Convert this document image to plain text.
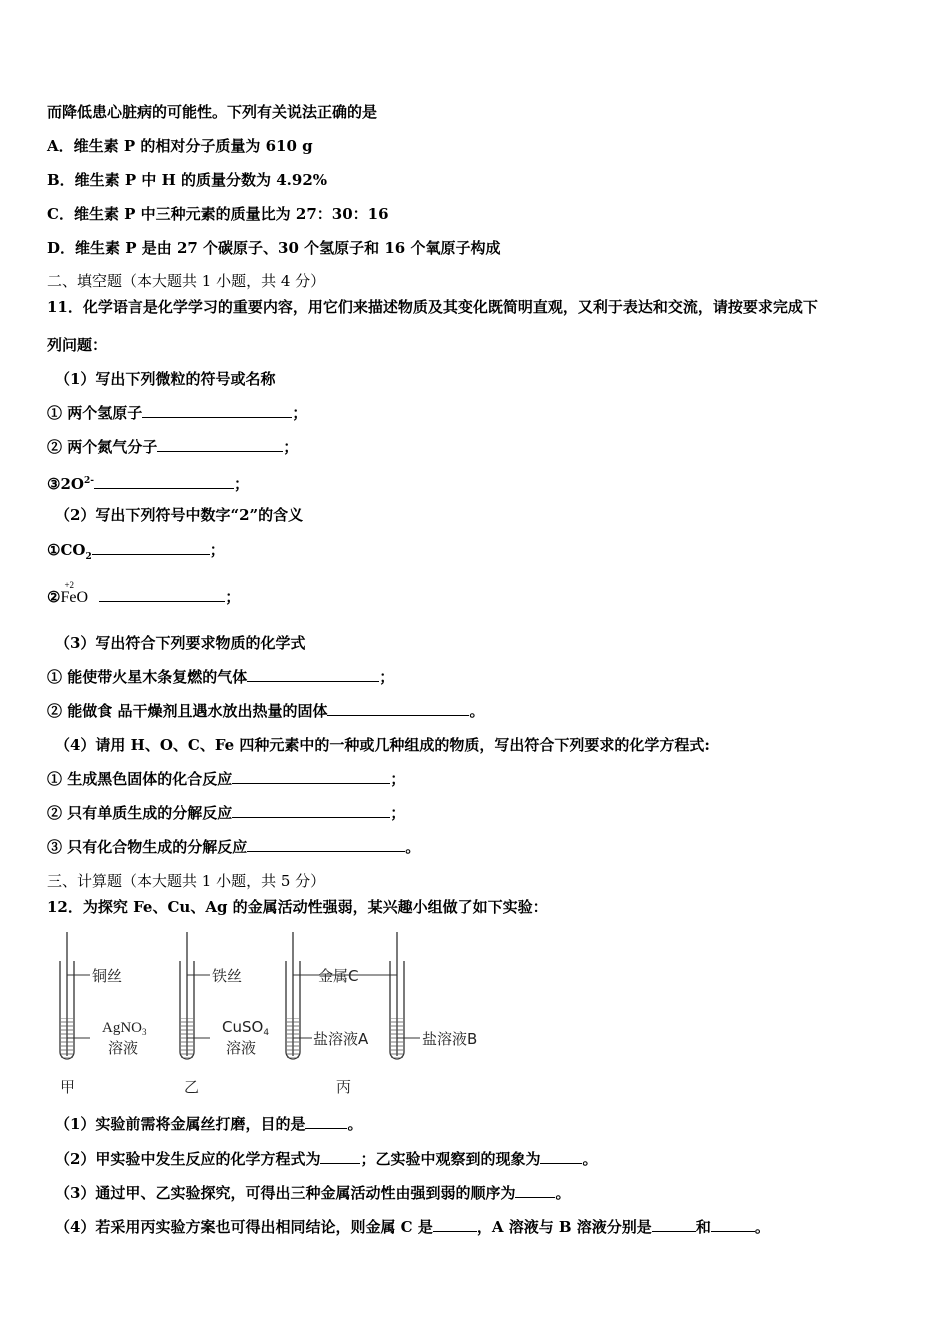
而降低患心脏病的可能性。下列有关说法正确的是
A．维生素 P 的相对分子质量为 610 g
B．维生素 P 中 H 的质量分数为 4.92%
C．维生素 P 中三种元素的质量比为 27：30：16
D．维生素 P 是由 27 个碳原子、30 个氢原子和 16 个氧原子构成
二、填空题（本大题共 1 小题，共 4 分）
11．化学语言是化学学习的重要内容，用它们来描述物质及其变化既简明直观，又利于表达和交流，请按要求完成下
列问题：
（1）写出下列微粒的符号或名称
① 两个氢原子	；
② 两个氮气分子	；
$③2O^{2-}$	；
（2）写出下列符号中数字“2”的含义
$①CO_2$	；
②
+2
FeO	；
（3）写出符合下列要求物质的化学式
① 能使带火星木条复燃的气体	；
② 能做食 品干燥剂且遇水放出热量的固体	。
（4）请用 H、O、C、Fe 四种元素中的一种或几种组成的物质，写出符合下列要求的化学方程式:
① 生成黑色固体的化合反应	；
② 只有单质生成的分解反应	；
③ 只有化合物生成的分解反应	。
三、计算题（本大题共 1 小题，共 5 分）
12．为探究 Fe、Cu、Ag 的金属活动性强弱，某兴趣小组做了如下实验：
铜丝
AgNO$_3$
溶液
甲
铁丝
CuSO$_4$
溶液
乙
金属C
盐溶液A
丙
盐溶液B
（1）实验前需将金属丝打磨，目的是	。
（2）甲实验中发生反应的化学方程式为	；乙实验中观察到的现象为	。
（3）通过甲、乙实验探究，可得出三种金属活动性由强到弱的顺序为	。
（4）若采用丙实验方案也可得出相同结论，则金属 C 是	，A 溶液与 B 溶液分别是	和	。
